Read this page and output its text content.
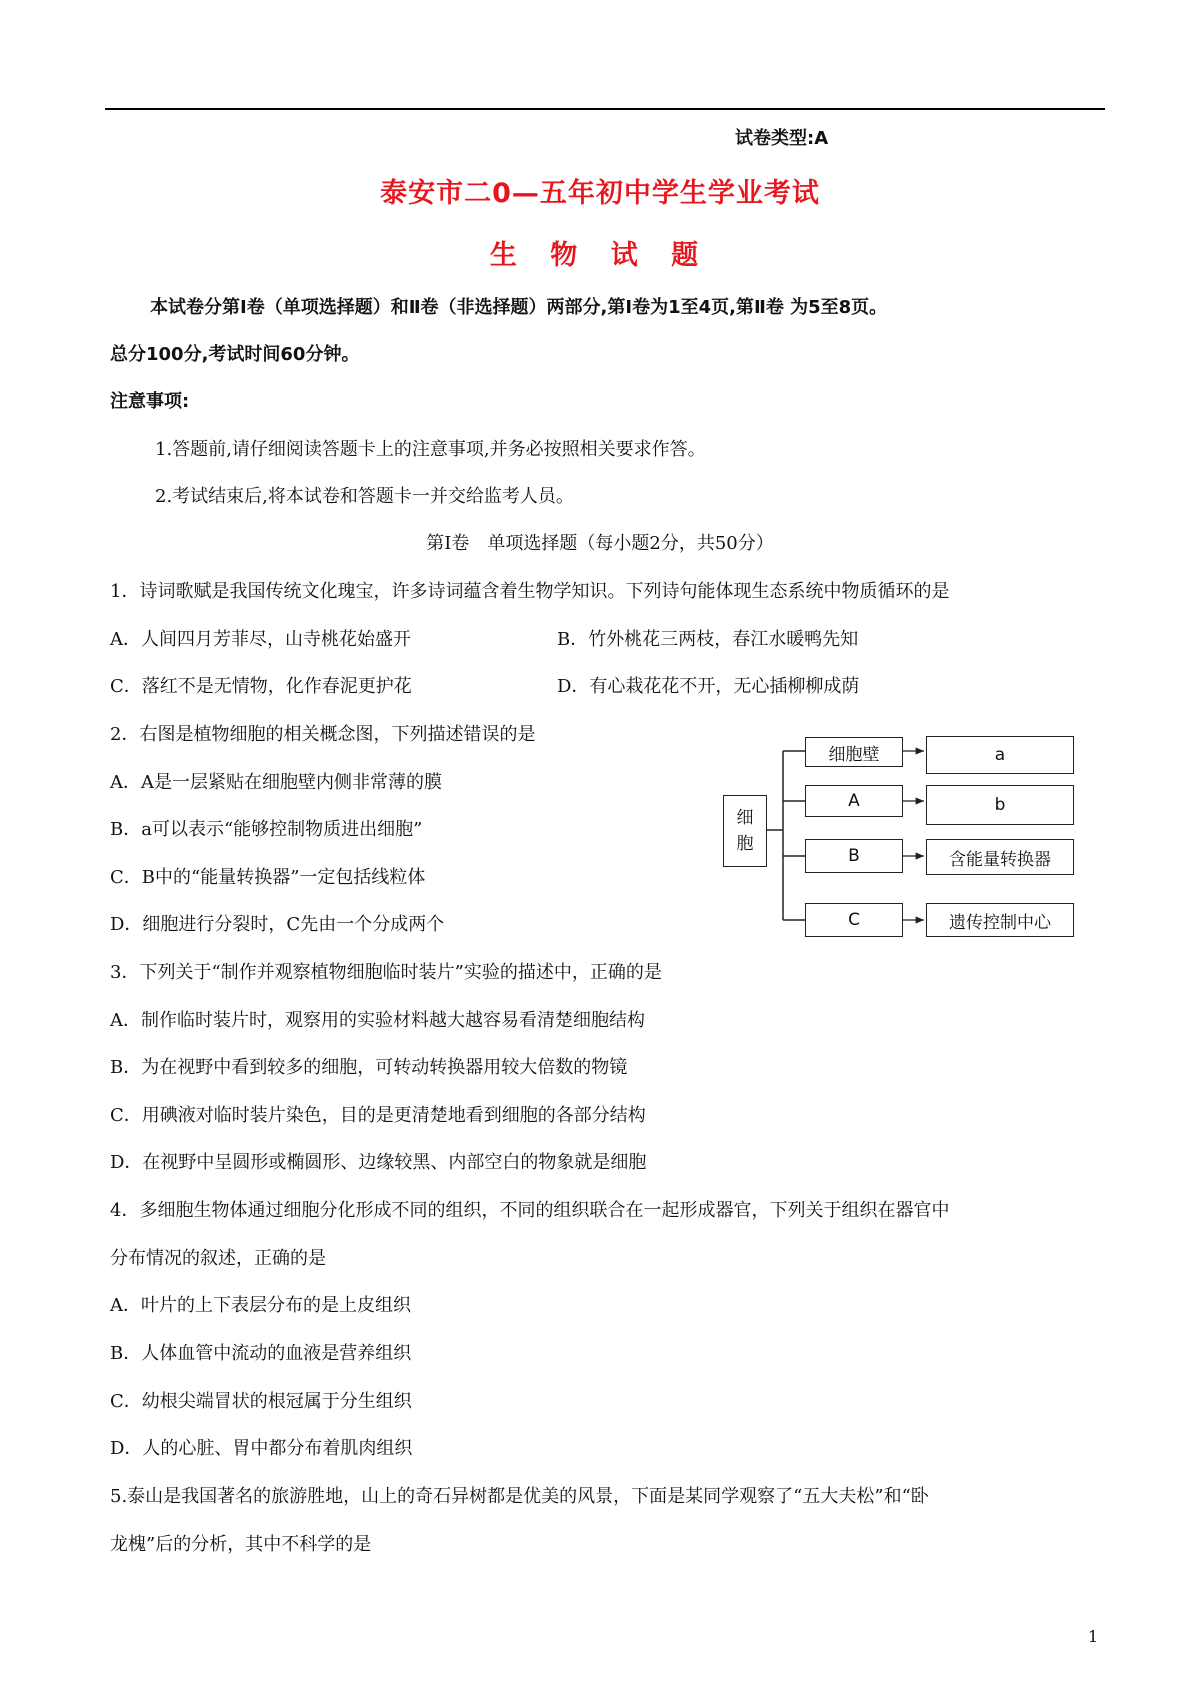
试卷类型:A
泰安市二0—五年初中学生学业考试
生 物 试 题
本试卷分第Ⅰ卷（单项选择题）和Ⅱ卷（非选择题）两部分,第Ⅰ卷为1至4页,第Ⅱ卷 为5至8页。
总分100分,考试时间60分钟。
注意事项:
1.答题前,请仔细阅读答题卡上的注意事项,并务必按照相关要求作答。
2.考试结束后,将本试卷和答题卡一并交给监考人员。
第Ⅰ卷　单项选择题（每小题2分，共50分）
1．诗词歌赋是我国传统文化瑰宝，许多诗词蕴含着生物学知识。下列诗句能体现生态系统中物质循环的是
A．人间四月芳菲尽，山寺桃花始盛开	B．竹外桃花三两枝，春江水暖鸭先知
C．落红不是无情物，化作春泥更护花	D．有心栽花花不开，无心插柳柳成荫
2．右图是植物细胞的相关概念图，下列描述错误的是
A．A是一层紧贴在细胞壁内侧非常薄的膜
B．a可以表示“能够控制物质进出细胞”
C．B中的“能量转换器”一定包括线粒体
D．细胞进行分裂时，C先由一个分成两个
细
胞
细胞壁
A
B
C
a
b
含能量转换器
遗传控制中心
3．下列关于“制作并观察植物细胞临时装片”实验的描述中，正确的是
A．制作临时装片时，观察用的实验材料越大越容易看清楚细胞结构
B．为在视野中看到较多的细胞，可转动转换器用较大倍数的物镜
C．用碘液对临时装片染色，目的是更清楚地看到细胞的各部分结构
D．在视野中呈圆形或椭圆形、边缘较黑、内部空白的物象就是细胞
4．多细胞生物体通过细胞分化形成不同的组织，不同的组织联合在一起形成器官，下列关于组织在器官中
分布情况的叙述，正确的是
A．叶片的上下表层分布的是上皮组织
B．人体血管中流动的血液是营养组织
C．幼根尖端冒状的根冠属于分生组织
D．人的心脏、胃中都分布着肌肉组织
5.泰山是我国著名的旅游胜地，山上的奇石异树都是优美的风景，下面是某同学观察了“五大夫松”和“卧
龙槐”后的分析，其中不科学的是
1
